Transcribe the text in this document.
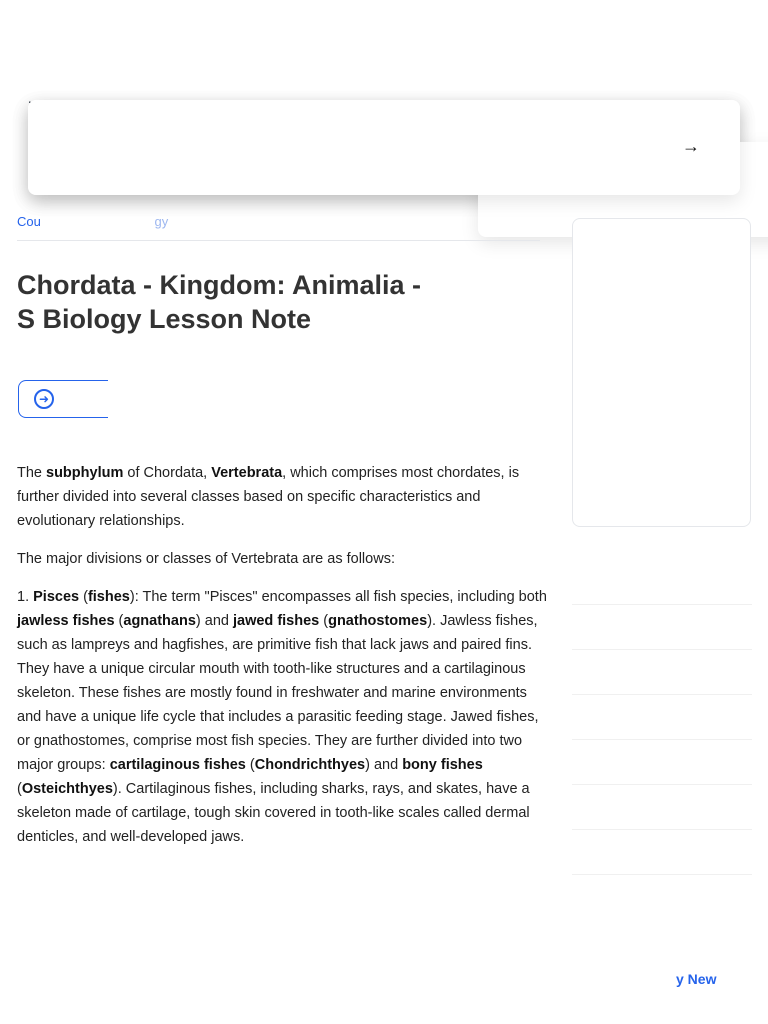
→
Cou	gy
Chordata - Kingdom: Animalia - S Biology Lesson Note
➜

The subphylum of Chordata, Vertebrata, which comprises most chordates, is further divided into several classes based on specific characteristics and evolutionary relationships.

The major divisions or classes of Vertebrata are as follows:

1. Pisces (fishes): The term "Pisces" encompasses all fish species, including both jawless fishes (agnathans) and jawed fishes (gnathostomes). Jawless fishes, such as lampreys and hagfishes, are primitive fish that lack jaws and paired fins. They have a unique circular mouth with tooth-like structures and a cartilaginous skeleton. These fishes are mostly found in freshwater and marine environments and have a unique life cycle that includes a parasitic feeding stage. Jawed fishes, or gnathostomes, comprise most fish species. They are further divided into two major groups: cartilaginous fishes (Chondrichthyes) and bony fishes (Osteichthyes). Cartilaginous fishes, including sharks, rays, and skates, have a skeleton made of cartilage, tough skin covered in tooth-like scales called dermal denticles, and well-developed jaws.

y New
